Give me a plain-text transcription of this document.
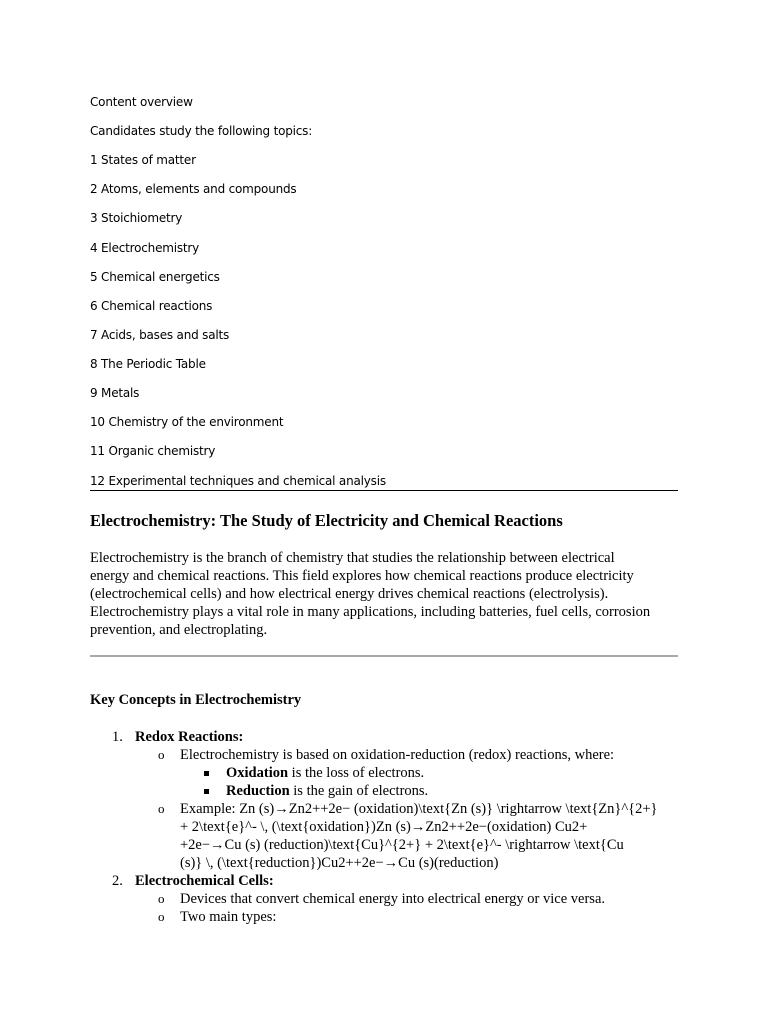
Content overview
Candidates study the following topics:
1 States of matter
2 Atoms, elements and compounds
3 Stoichiometry
4 Electrochemistry
5 Chemical energetics
6 Chemical reactions
7 Acids, bases and salts
8 The Periodic Table
9 Metals
10 Chemistry of the environment
11 Organic chemistry
12 Experimental techniques and chemical analysis
Electrochemistry: The Study of Electricity and Chemical Reactions
Electrochemistry is the branch of chemistry that studies the relationship between electrical
energy and chemical reactions. This field explores how chemical reactions produce electricity
(electrochemical cells) and how electrical energy drives chemical reactions (electrolysis).
Electrochemistry plays a vital role in many applications, including batteries, fuel cells, corrosion
prevention, and electroplating.
Key Concepts in Electrochemistry
1. Redox Reactions:
o Electrochemistry is based on oxidation-reduction (redox) reactions, where:
Oxidation is the loss of electrons.
Reduction is the gain of electrons.
o Example: Zn (s)→Zn2++2e− (oxidation)\text{Zn (s)} \rightarrow \text{Zn}^{2+}
+ 2\text{e}^- \, (\text{oxidation})Zn (s)→Zn2++2e−(oxidation) Cu2+
+2e−→Cu (s) (reduction)\text{Cu}^{2+} + 2\text{e}^- \rightarrow \text{Cu
(s)} \, (\text{reduction})Cu2++2e−→Cu (s)(reduction)
2. Electrochemical Cells:
o Devices that convert chemical energy into electrical energy or vice versa.
o Two main types:
